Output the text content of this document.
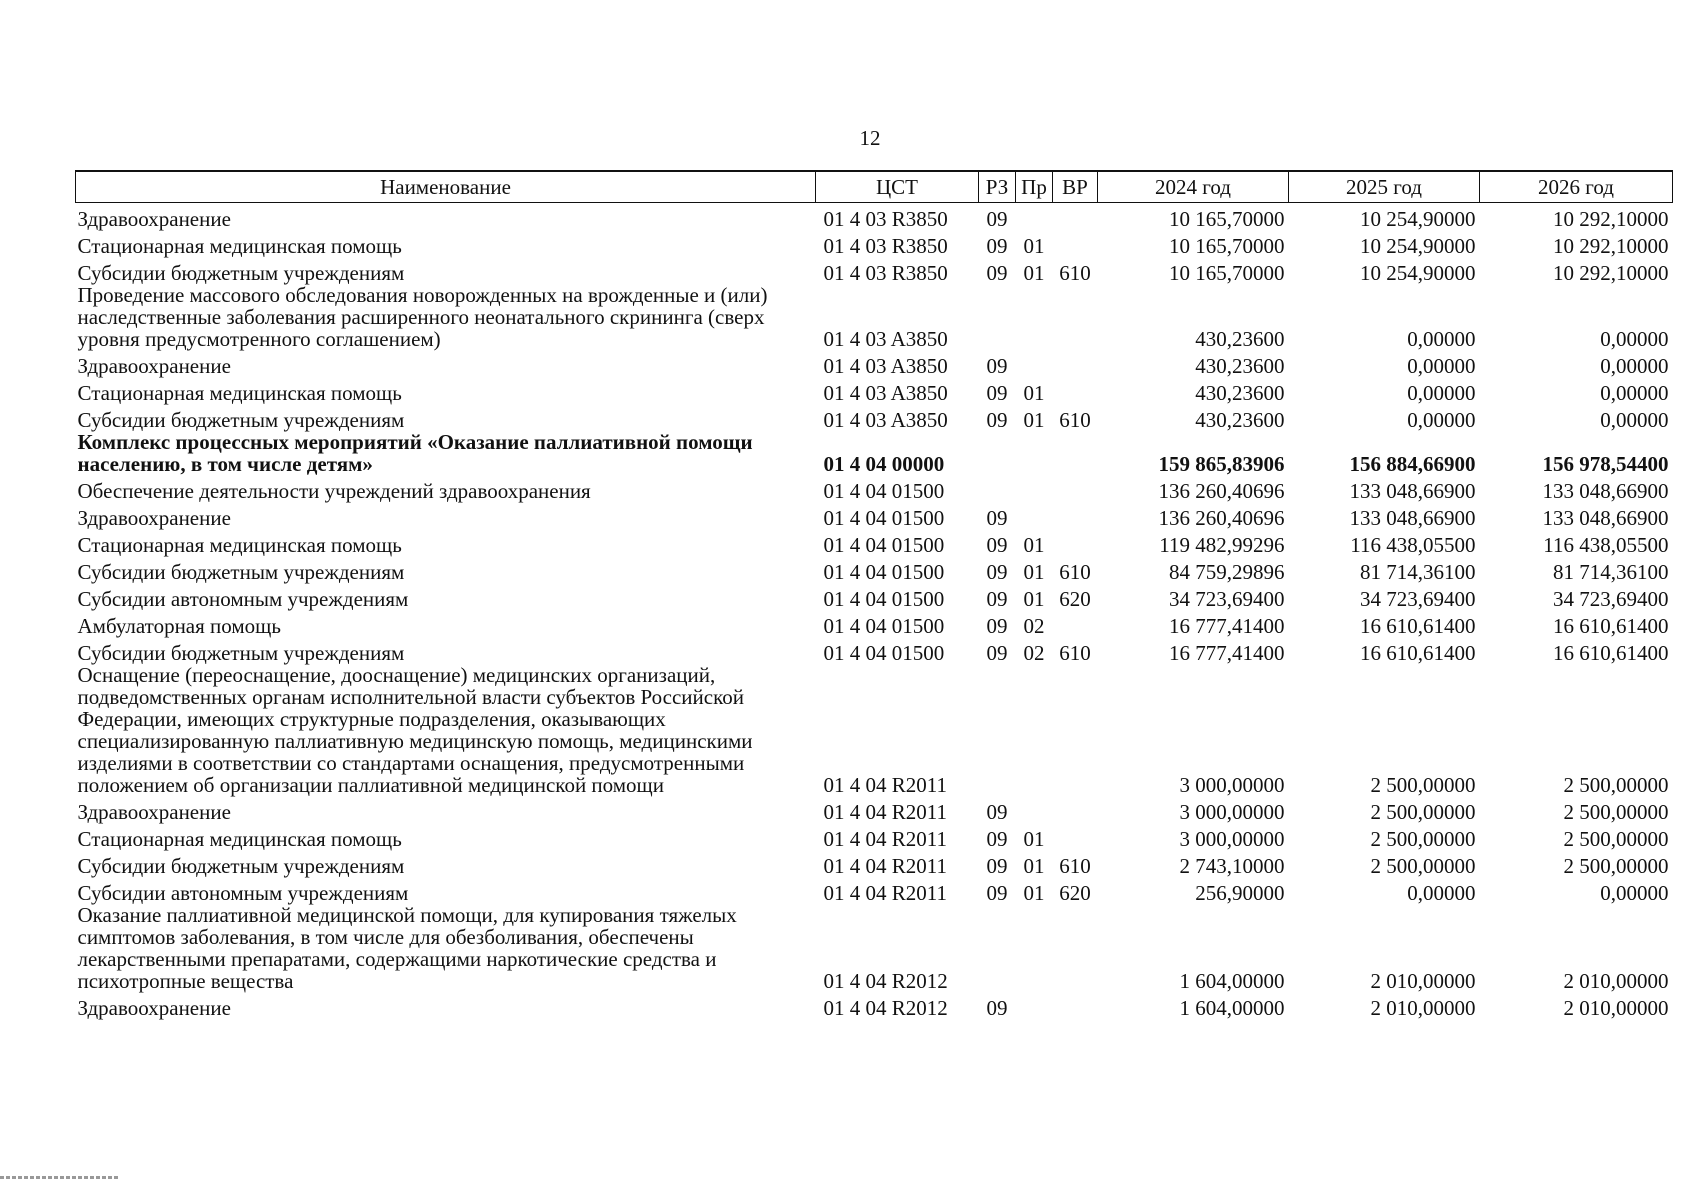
12
Наименование	ЦСТ	РЗ	Пр	ВР	2024 год	2025 год	2026 год
Здравоохранение	01 4 03 R3850	09			10 165,70000	10 254,90000	10 292,10000
Стационарная медицинская помощь	01 4 03 R3850	09	01		10 165,70000	10 254,90000	10 292,10000
Субсидии бюджетным учреждениям	01 4 03 R3850	09	01	610	10 165,70000	10 254,90000	10 292,10000
Проведение массового обследования новорожденных на врожденные и (или) наследственные заболевания расширенного неонатального скрининга (сверх уровня предусмотренного соглашением)	01 4 03 A3850				430,23600	0,00000	0,00000
Здравоохранение	01 4 03 A3850	09			430,23600	0,00000	0,00000
Стационарная медицинская помощь	01 4 03 A3850	09	01		430,23600	0,00000	0,00000
Субсидии бюджетным учреждениям	01 4 03 A3850	09	01	610	430,23600	0,00000	0,00000
Комплекс процессных мероприятий «Оказание паллиативной помощи населению, в том числе детям»	01 4 04 00000				159 865,83906	156 884,66900	156 978,54400
Обеспечение деятельности учреждений здравоохранения	01 4 04 01500				136 260,40696	133 048,66900	133 048,66900
Здравоохранение	01 4 04 01500	09			136 260,40696	133 048,66900	133 048,66900
Стационарная медицинская помощь	01 4 04 01500	09	01		119 482,99296	116 438,05500	116 438,05500
Субсидии бюджетным учреждениям	01 4 04 01500	09	01	610	84 759,29896	81 714,36100	81 714,36100
Субсидии автономным учреждениям	01 4 04 01500	09	01	620	34 723,69400	34 723,69400	34 723,69400
Амбулаторная помощь	01 4 04 01500	09	02		16 777,41400	16 610,61400	16 610,61400
Субсидии бюджетным учреждениям	01 4 04 01500	09	02	610	16 777,41400	16 610,61400	16 610,61400
Оснащение (переоснащение, дооснащение) медицинских организаций, подведомственных органам исполнительной власти субъектов Российской Федерации, имеющих структурные подразделения, оказывающих специализированную паллиативную медицинскую помощь, медицинскими изделиями в соответствии со стандартами оснащения, предусмотренными положением об организации паллиативной медицинской помощи	01 4 04 R2011				3 000,00000	2 500,00000	2 500,00000
Здравоохранение	01 4 04 R2011	09			3 000,00000	2 500,00000	2 500,00000
Стационарная медицинская помощь	01 4 04 R2011	09	01		3 000,00000	2 500,00000	2 500,00000
Субсидии бюджетным учреждениям	01 4 04 R2011	09	01	610	2 743,10000	2 500,00000	2 500,00000
Субсидии автономным учреждениям	01 4 04 R2011	09	01	620	256,90000	0,00000	0,00000
Оказание паллиативной медицинской помощи, для купирования тяжелых симптомов заболевания, в том числе для обезболивания, обеспечены лекарственными препаратами, содержащими наркотические средства и психотропные вещества	01 4 04 R2012				1 604,00000	2 010,00000	2 010,00000
Здравоохранение	01 4 04 R2012	09			1 604,00000	2 010,00000	2 010,00000
